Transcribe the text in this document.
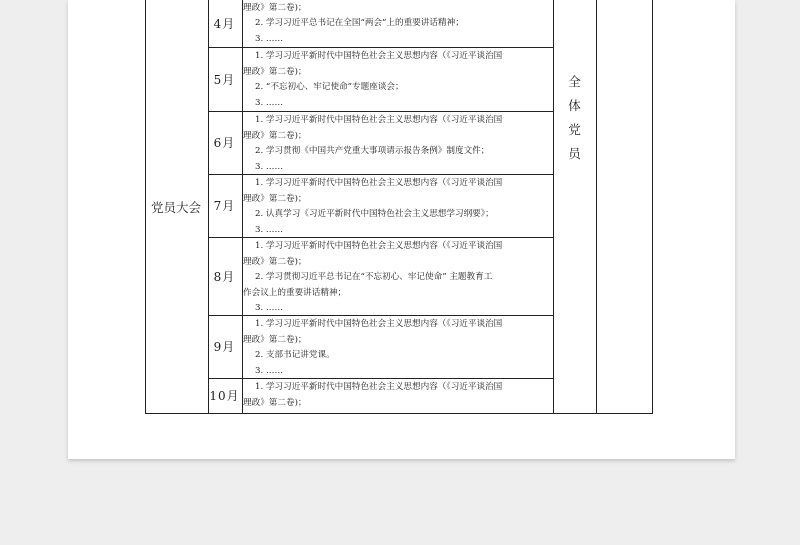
党员大会
全
体
党
员
4月
理政》第二卷)；
2. 学习习近平总书记在全国“两会”上的重要讲话精神；
3. ……
5月
1. 学习习近平新时代中国特色社会主义思想内容（《习近平谈治国
理政》第二卷)；
2. “不忘初心、牢记使命”专题座谈会；
3. ……
6月
1. 学习习近平新时代中国特色社会主义思想内容（《习近平谈治国
理政》第二卷)；
2. 学习贯彻《中国共产党重大事项请示报告条例》制度文件；
3. ……
7月
1. 学习习近平新时代中国特色社会主义思想内容（《习近平谈治国
理政》第二卷)；
2. 认真学习《习近平新时代中国特色社会主义思想学习纲要》；
3. ……
8月
1. 学习习近平新时代中国特色社会主义思想内容（《习近平谈治国
理政》第二卷)；
2. 学习贯彻习近平总书记在“不忘初心、牢记使命” 主题教育工
作会议上的重要讲话精神；
3. ……
9月
1. 学习习近平新时代中国特色社会主义思想内容（《习近平谈治国
理政》第二卷)；
2. 支部书记讲党课。
3. ……
10月
1. 学习习近平新时代中国特色社会主义思想内容（《习近平谈治国
理政》第二卷)；
